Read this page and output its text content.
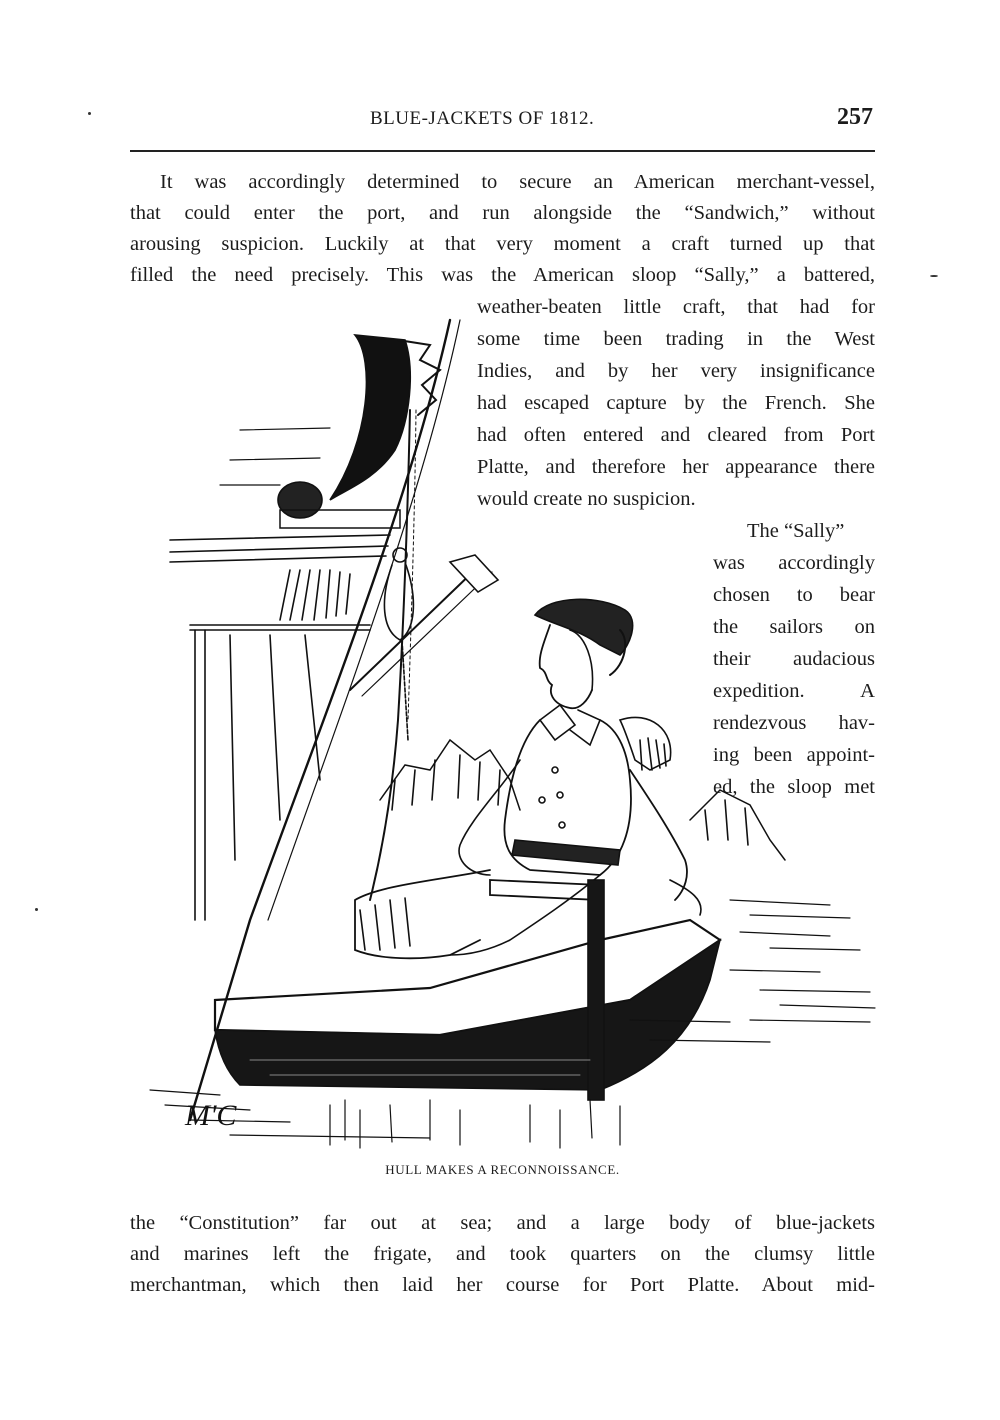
BLUE-JACKETS OF 1812.	257
It was accordingly determined to secure an American merchant-vessel,
that could enter the port, and run alongside the “Sandwich,” without
arousing suspicion. Luckily at that very moment a craft turned up that
filled the need precisely. This was the American sloop “Sally,” a battered,
weather-beaten little craft, that had for
some time been trading in the West
Indies, and by her very insignificance
had escaped capture by the French. She
had often entered and cleared from Port
Platte, and therefore her appearance there
would create no suspicion.
The “Sally”
was accordingly
chosen to bear
the sailors on
their audacious
expedition. A
rendezvous hav-
ing been appoint-
ed, the sloop met
M'C
HULL MAKES A RECONNOISSANCE.
the “Constitution” far out at sea; and a large body of blue-jackets
and marines left the frigate, and took quarters on the clumsy little
merchantman, which then laid her course for Port Platte. About mid-
